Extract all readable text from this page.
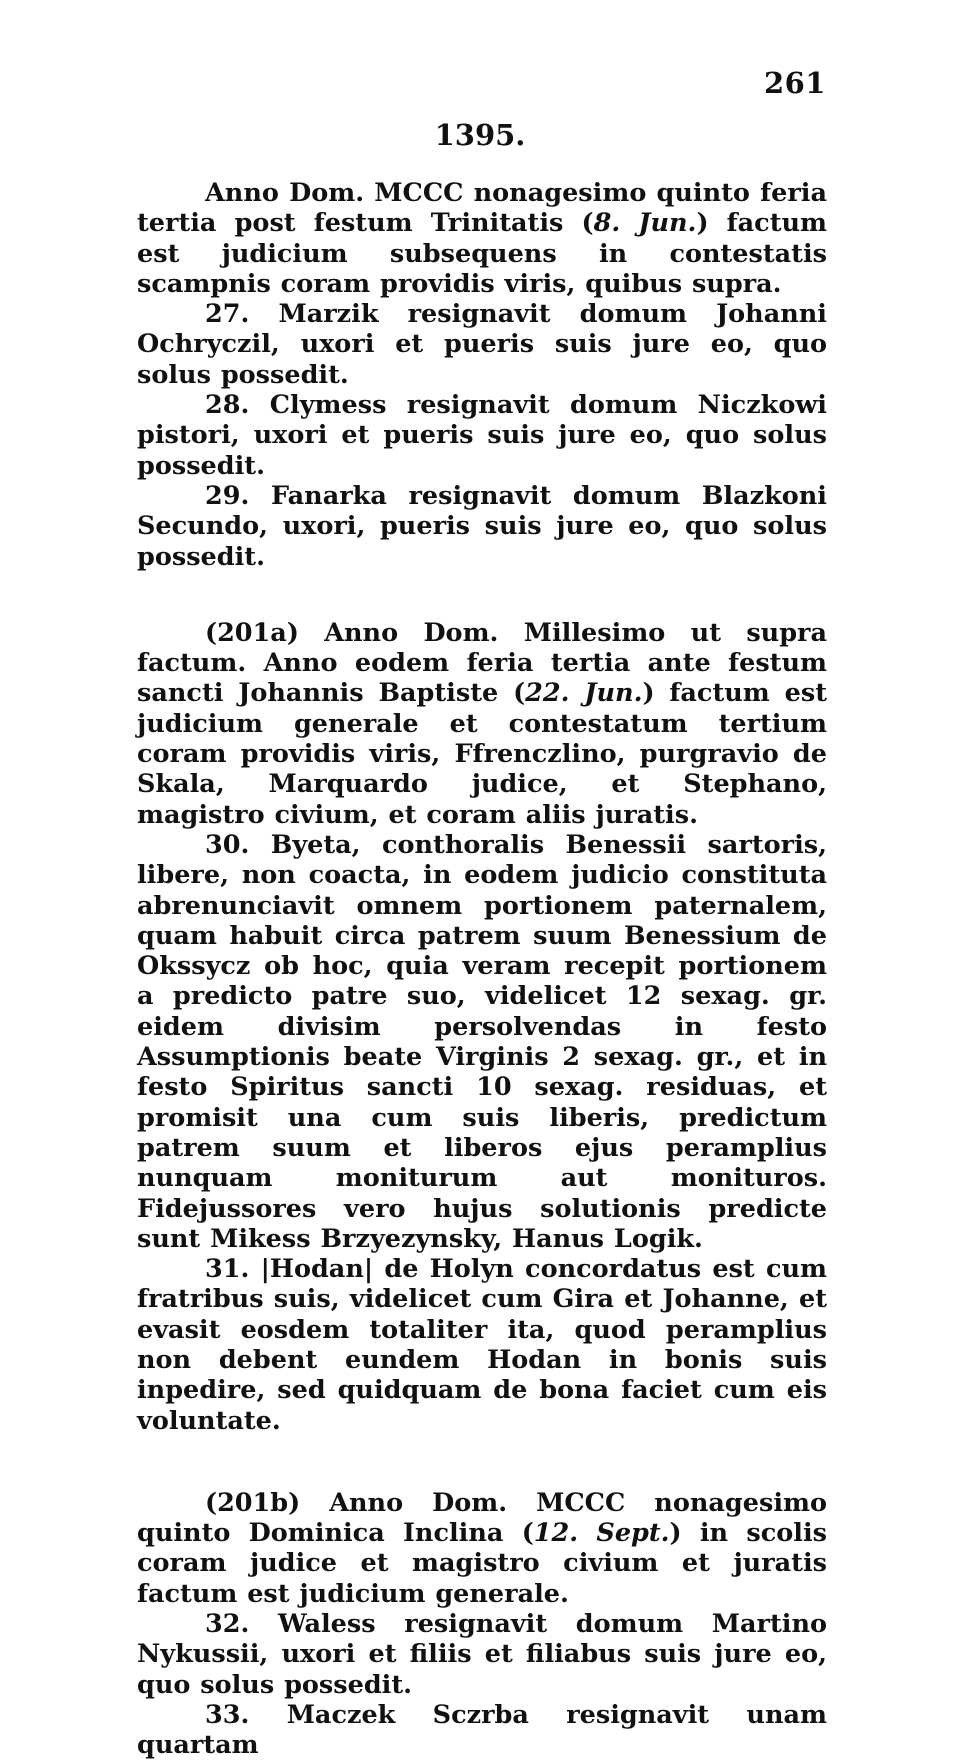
261
1395.

Anno Dom. MCCC nonagesimo quinto feria tertia post festum Trinitatis (8. Jun.) factum est judicium subsequens in contestatis scampnis coram providis viris, quibus supra.

27. Marzik resignavit domum Johanni Ochryczil, uxori et pueris suis jure eo, quo solus possedit.

28. Clymess resignavit domum Niczkowi pistori, uxori et pueris suis jure eo, quo solus possedit.

29. Fanarka resignavit domum Blazkoni Secundo, uxori, pueris suis jure eo, quo solus possedit.

(201a) Anno Dom. Millesimo ut supra factum. Anno eodem feria tertia ante festum sancti Johannis Baptiste (22. Jun.) factum est judicium generale et contestatum tertium coram providis viris, Ffrenczlino, purgravio de Skala, Marquardo judice, et Stephano, magistro civium, et coram aliis juratis.

30. Byeta, conthoralis Benessii sartoris, libere, non coacta, in eodem judicio constituta abrenunciavit omnem portionem paternalem, quam habuit circa patrem suum Benessium de Okssycz ob hoc, quia veram recepit portionem a predicto patre suo, videlicet 12 sexag. gr. eidem divisim persolvendas in festo Assumptionis beate Virginis 2 sexag. gr., et in festo Spiritus sancti 10 sexag. residuas, et promisit una cum suis liberis, predictum patrem suum et liberos ejus peramplius nunquam moniturum aut monituros. Fidejussores vero hujus solutionis predicte sunt Mikess Brzyezynsky, Hanus Logik.

31. |Hodan| de Holyn concordatus est cum fratribus suis, videlicet cum Gira et Johanne, et evasit eosdem totaliter ita, quod peramplius non debent eundem Hodan in bonis suis inpedire, sed quidquam de bona faciet cum eis voluntate.

(201b) Anno Dom. MCCC nonagesimo quinto Dominica Inclina (12. Sept.) in scolis coram judice et magistro civium et juratis factum est judicium generale.

32. Waless resignavit domum Martino Nykussii, uxori et filiis et filiabus suis jure eo, quo solus possedit.

33. Maczek Sczrba resignavit unam quartam
